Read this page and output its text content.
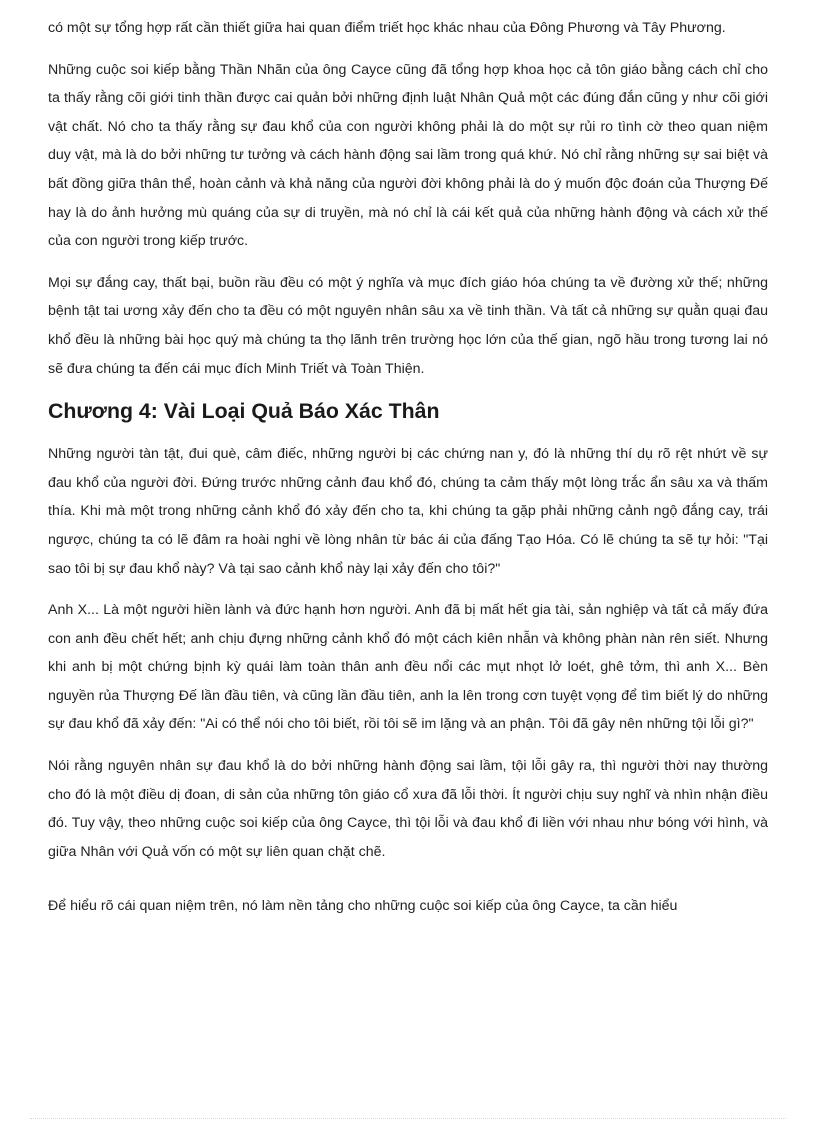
có một sự tổng hợp rất cần thiết giữa hai quan điểm triết học khác nhau của Đông Phương và Tây Phương.

Những cuộc soi kiếp bằng Thần Nhãn của ông Cayce cũng đã tổng hợp khoa học cả tôn giáo bằng cách chỉ cho ta thấy rằng cõi giới tinh thần được cai quản bởi những định luật Nhân Quả một các đúng đắn cũng y như cõi giới vật chất. Nó cho ta thấy rằng sự đau khổ của con người không phải là do một sự rủi ro tình cờ theo quan niệm duy vật, mà là do bởi những tư tưởng và cách hành động sai lầm trong quá khứ. Nó chỉ rằng những sự sai biệt và bất đồng giữa thân thể, hoàn cảnh và khả năng của người đời không phải là do ý muốn độc đoán của Thượng Đế hay là do ảnh hưởng mù quáng của sự di truyền, mà nó chỉ là cái kết quả của những hành động và cách xử thế của con người trong kiếp trước.

Mọi sự đắng cay, thất bại, buồn rầu đều có một ý nghĩa và mục đích giáo hóa chúng ta về đường xử thế; những bệnh tật tai ương xảy đến cho ta đều có một nguyên nhân sâu xa về tinh thần. Và tất cả những sự quằn quại đau khổ đều là những bài học quý mà chúng ta thọ lãnh trên trường học lớn của thế gian, ngõ hầu trong tương lai nó sẽ đưa chúng ta đến cái mục đích Minh Triết và Toàn Thiện.

Chương 4: Vài Loại Quả Báo Xác Thân

Những người tàn tật, đui què, câm điếc, những người bị các chứng nan y, đó là những thí dụ rõ rệt nhứt về sự đau khổ của người đời. Đứng trước những cảnh đau khổ đó, chúng ta cảm thấy một lòng trắc ẩn sâu xa và thấm thía. Khi mà một trong những cảnh khổ đó xảy đến cho ta, khi chúng ta gặp phải những cảnh ngộ đắng cay, trái ngược, chúng ta có lẽ đâm ra hoài nghi về lòng nhân từ bác ái của đấng Tạo Hóa. Có lẽ chúng ta sẽ tự hỏi: "Tại sao tôi bị sự đau khổ này? Và tại sao cảnh khổ này lại xảy đến cho tôi?"

Anh X... Là một người hiền lành và đức hạnh hơn người. Anh đã bị mất hết gia tài, sản nghiệp và tất cả mấy đứa con anh đều chết hết; anh chịu đựng những cảnh khổ đó một cách kiên nhẫn và không phàn nàn rên siết. Nhưng khi anh bị một chứng bịnh kỳ quái làm toàn thân anh đều nổi các mụt nhọt lở loét, ghê tởm, thì anh X... Bèn nguyền rủa Thượng Đế lần đầu tiên, và cũng lần đầu tiên, anh la lên trong cơn tuyệt vọng để tìm biết lý do những sự đau khổ đã xảy đến: "Ai có thể nói cho tôi biết, rồi tôi sẽ im lặng và an phận. Tôi đã gây nên những tội lỗi gì?"

Nói rằng nguyên nhân sự đau khổ là do bởi những hành động sai lầm, tội lỗi gây ra, thì người thời nay thường cho đó là một điều dị đoan, di sản của những tôn giáo cổ xưa đã lỗi thời. Ít người chịu suy nghĩ và nhìn nhận điều đó. Tuy vậy, theo những cuộc soi kiếp của ông Cayce, thì tội lỗi và đau khổ đi liền với nhau như bóng với hình, và giữa Nhân với Quả vốn có một sự liên quan chặt chẽ.

Để hiểu rõ cái quan niệm trên, nó làm nền tảng cho những cuộc soi kiếp của ông Cayce, ta cần hiểu
